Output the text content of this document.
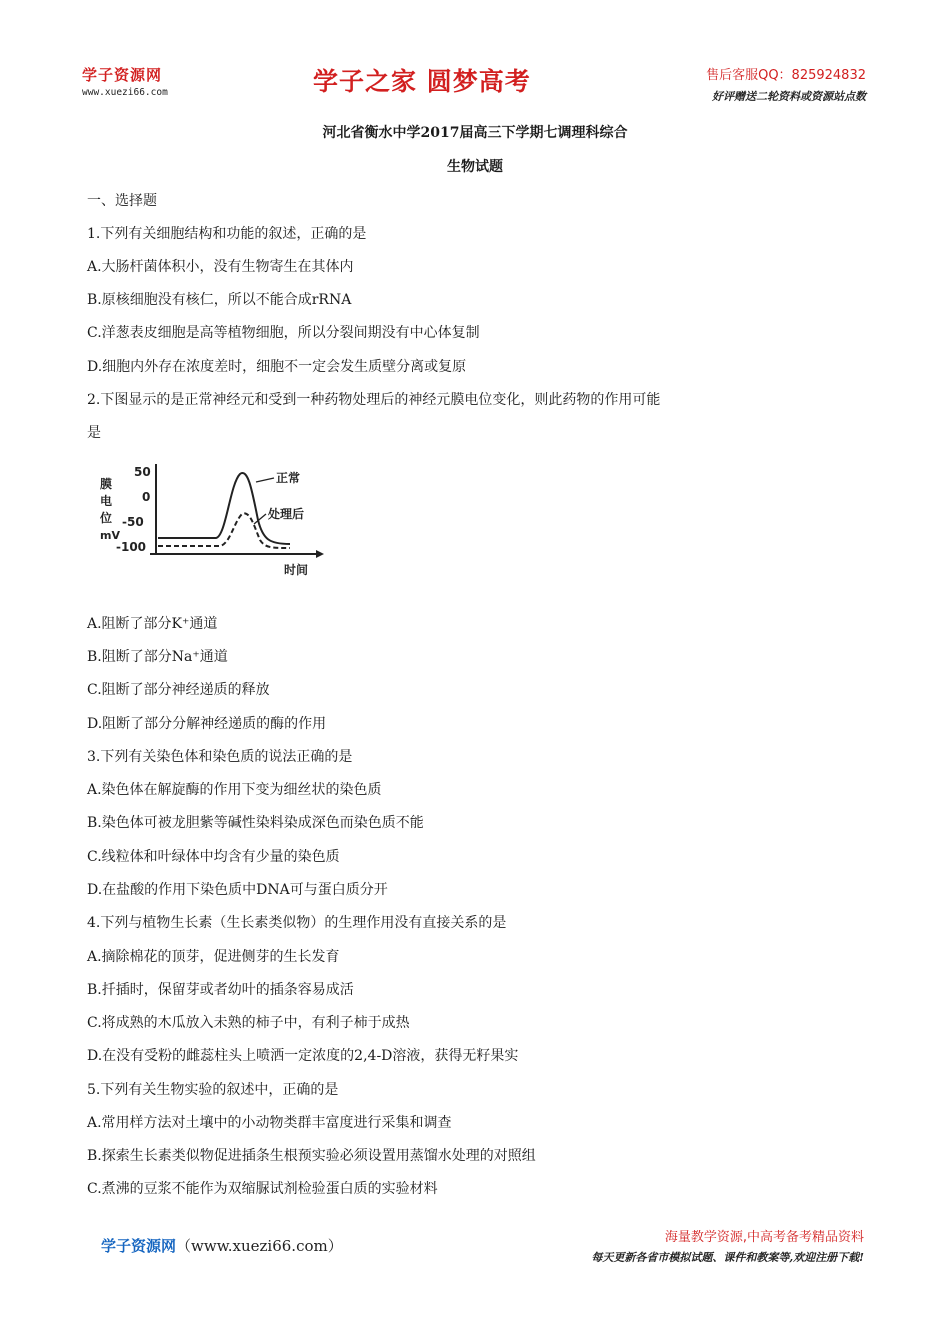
学子资源网
www.xuezi66.com	学子之家 圆梦高考	售后客服QQ：825924832
好评赠送二轮资料或资源站点数
河北省衡水中学2017届高三下学期七调理科综合
生物试题
一、选择题
1.下列有关细胞结构和功能的叙述，正确的是
A.大肠杆菌体积小，没有生物寄生在其体内
B.原核细胞没有核仁，所以不能合成rRNA
C.洋葱表皮细胞是高等植物细胞，所以分裂间期没有中心体复制
D.细胞内外存在浓度差时，细胞不一定会发生质壁分离或复原
2.下图显示的是正常神经元和受到一种药物处理后的神经元膜电位变化，则此药物的作用可能
是
膜
电
位
mV
50
0
-50
-100
正常
处理后
时间
A.阻断了部分K⁺通道
B.阻断了部分Na⁺通道
C.阻断了部分神经递质的释放
D.阻断了部分分解神经递质的酶的作用
3.下列有关染色体和染色质的说法正确的是
A.染色体在解旋酶的作用下变为细丝状的染色质
B.染色体可被龙胆紫等碱性染料染成深色而染色质不能
C.线粒体和叶绿体中均含有少量的染色质
D.在盐酸的作用下染色质中DNA可与蛋白质分开
4.下列与植物生长素（生长素类似物）的生理作用没有直接关系的是
A.摘除棉花的顶芽，促进侧芽的生长发育
B.扦插时，保留芽或者幼叶的插条容易成活
C.将成熟的木瓜放入未熟的柿子中，有利子柿于成热
D.在没有受粉的雌蕊柱头上喷洒一定浓度的2,4-D溶液，获得无籽果实
5.下列有关生物实验的叙述中，正确的是
A.常用样方法对土壤中的小动物类群丰富度进行采集和调查
B.探索生长素类似物促进插条生根预实验必须设置用蒸馏水处理的对照组
C.煮沸的豆浆不能作为双缩脲试剂检验蛋白质的实验材料
学子资源网（www.xuezi66.com）	海量教学资源,中高考备考精品资料
每天更新各省市模拟试题、课件和教案等,欢迎注册下载!
